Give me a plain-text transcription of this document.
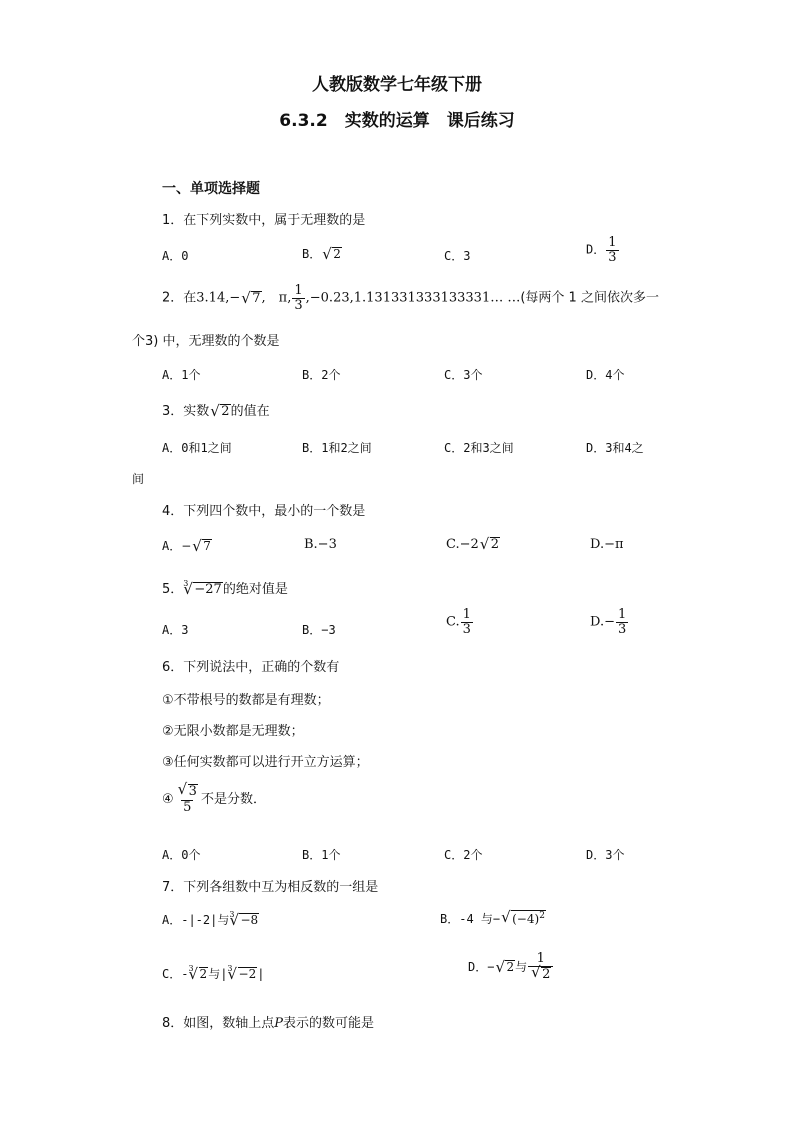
人教版数学七年级下册
6.3.2　实数的运算　课后练习
一、单项选择题
1．在下列实数中，属于无理数的是
A．0	B．√ 2	C．3	D． $\frac{1}{3}$
2．在3.14,−√ 7,　π, $\frac{1}{3}$ ,−0.23,1.131331333133331… …(每两个 1 之间依次多一
个3) 中，无理数的个数是
A．1个	B．2个	C．3个	D．4个
3．实数√ 2的值在
A．0和1之间	B．1和2之间	C．2和3之间	D．3和4之
间
4．下列四个数中，最小的一个数是
A．−√ 7	B.−3	C.−2√ 2	D.−π
5．$^3$√ −27的绝对值是
A．3	B．−3
C. $\frac{1}{3}$	$D.- \frac{1}{3}$
6．下列说法中，正确的个数有
①不带根号的数都是有理数；
②无限小数都是无理数；
③任何实数都可以进行开立方运算；
④
√ $\frac{3}{5}$ 不是分数．
A．0个	B．1个	C．2个	D．3个
7．下列各组数中互为相反数的一组是
A．-|-2|与$^3$√ −8	B．-4 与−√ $(-4)^2$
C．-$^3$√ 2与$|^3√ -2|$
D．−√ 2与 1
√ 2
8．如图，数轴上点P表示的数可能是
